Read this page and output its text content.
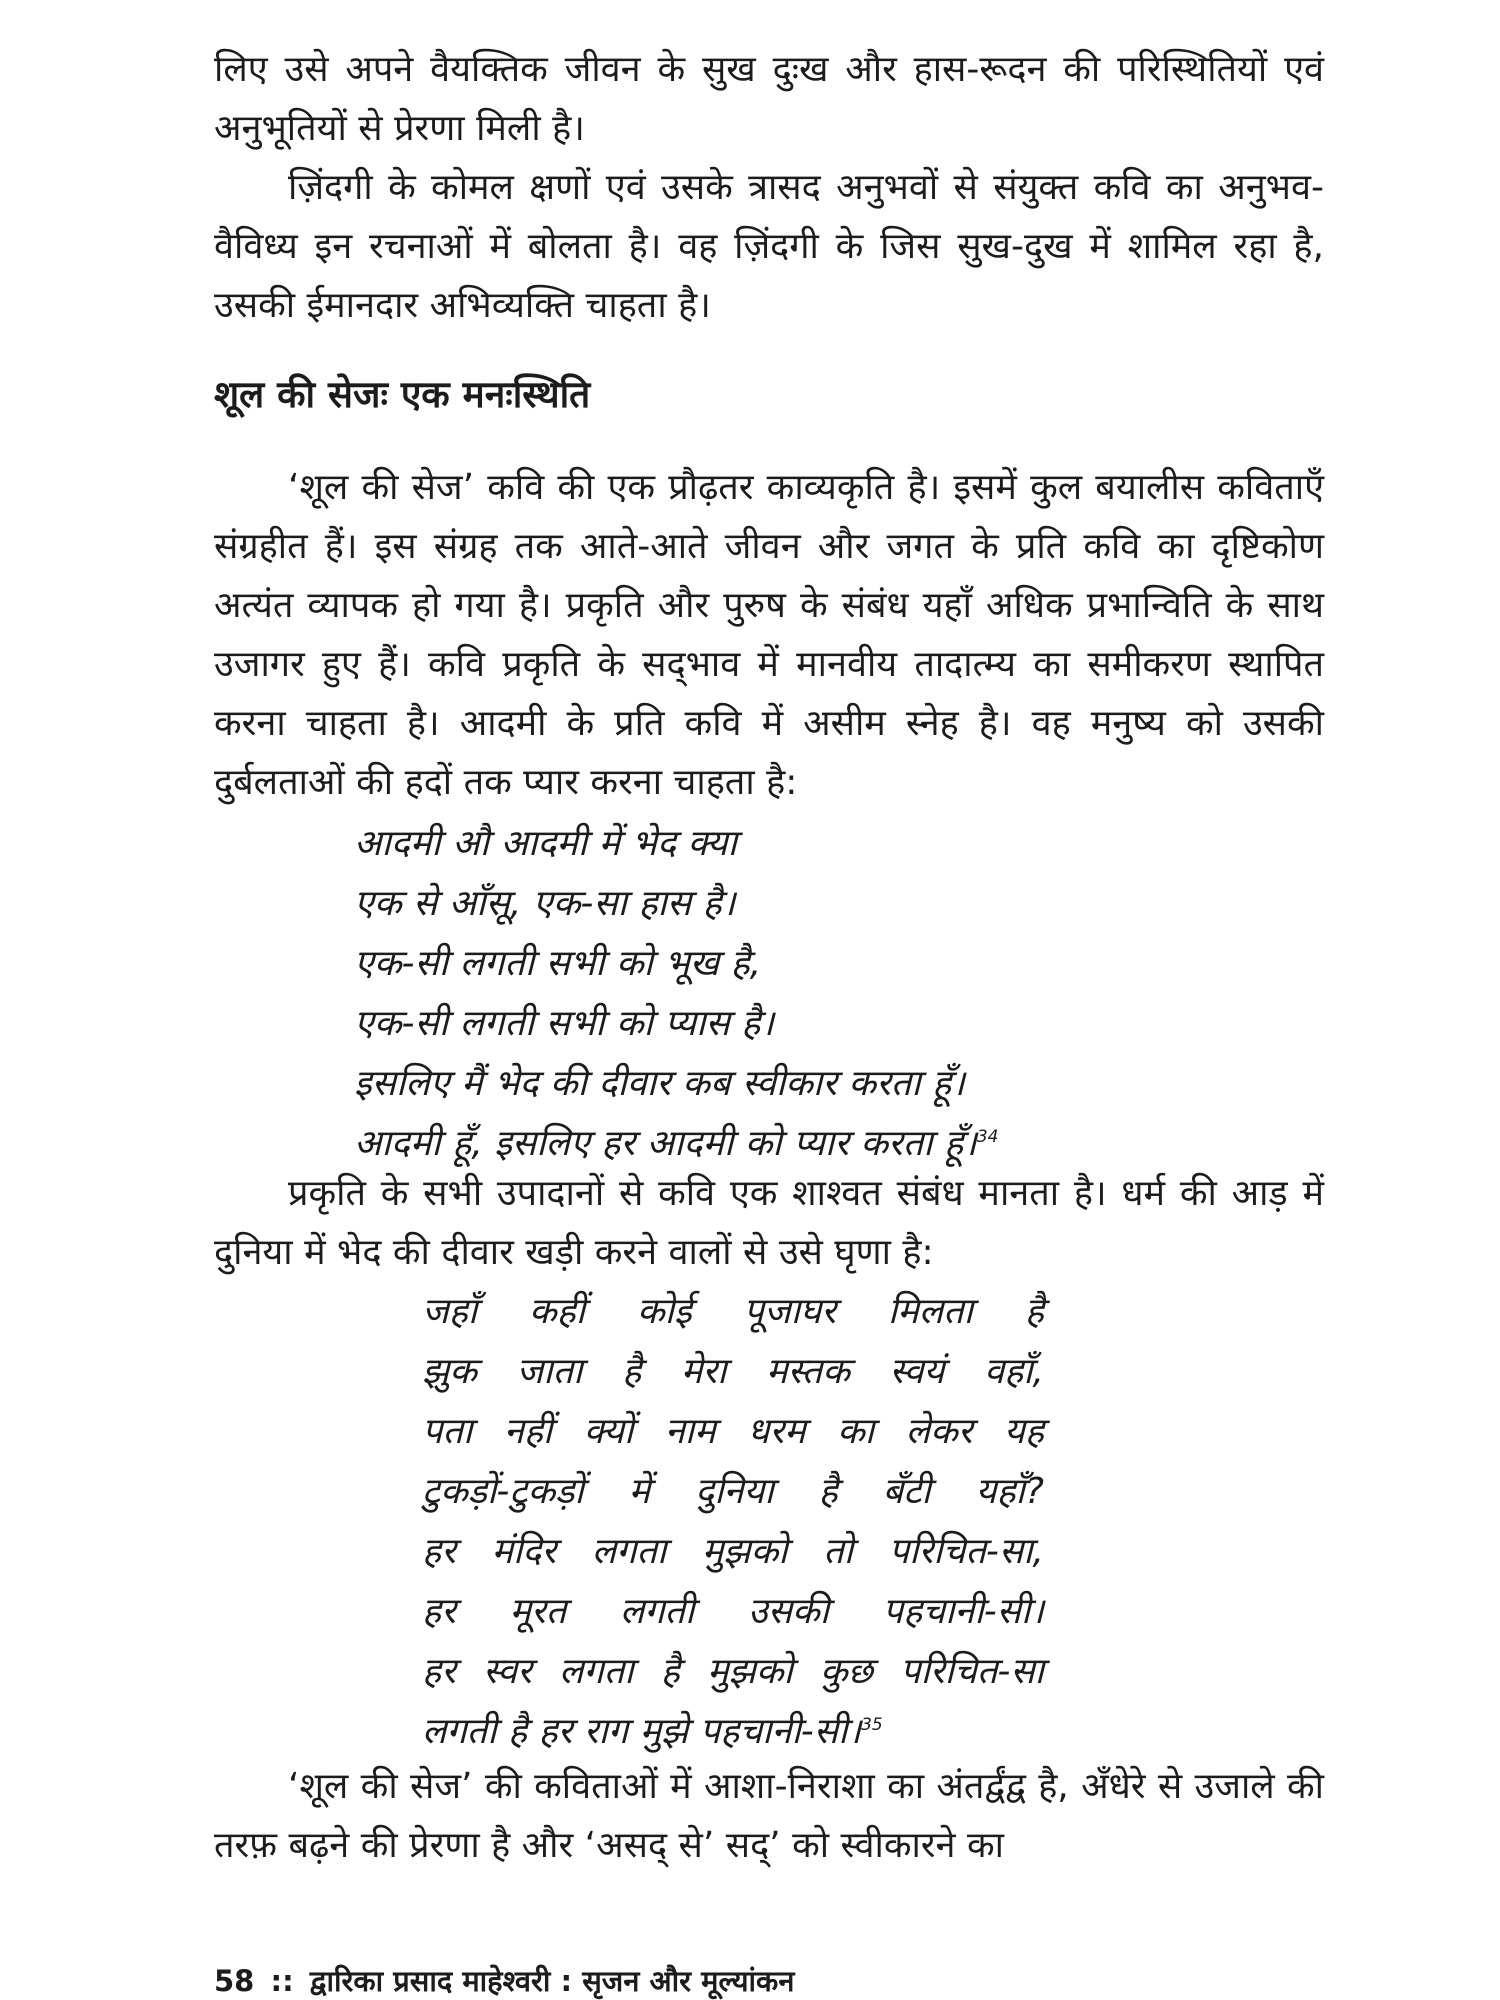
लिए उसे अपने वैयक्तिक जीवन के सुख दुःख और हास-रूदन की परिस्थितियों एवं अनुभूतियों से प्रेरणा मिली है।

ज़िंदगी के कोमल क्षणों एवं उसके त्रासद अनुभवों से संयुक्त कवि का अनुभव-वैविध्य इन रचनाओं में बोलता है। वह ज़िंदगी के जिस सुख-दुख में शामिल रहा है, उसकी ईमानदार अभिव्यक्ति चाहता है।

शूल की सेजः एक मनःस्थिति

‘शूल की सेज’ कवि की एक प्रौढ़तर काव्यकृति है। इसमें कुल बयालीस कविताएँ संग्रहीत हैं। इस संग्रह तक आते-आते जीवन और जगत के प्रति कवि का दृष्टिकोण अत्यंत व्यापक हो गया है। प्रकृति और पुरुष के संबंध यहाँ अधिक प्रभान्विति के साथ उजागर हुए हैं। कवि प्रकृति के सद्‌भाव में मानवीय तादात्म्य का समीकरण स्थापित करना चाहता है। आदमी के प्रति कवि में असीम स्नेह है। वह मनुष्य को उसकी दुर्बलताओं की हदों तक प्यार करना चाहता है:

आदमी औ आदमी में भेद क्या
एक से आँसू, एक-सा हास है।
एक-सी लगती सभी को भूख है,
एक-सी लगती सभी को प्यास है।
इसलिए मैं भेद की दीवार कब स्वीकार करता हूँ।
आदमी हूँ, इसलिए हर आदमी को प्यार करता हूँ।$^{34}$

प्रकृति के सभी उपादानों से कवि एक शाश्वत संबंध मानता है। धर्म की आड़ में दुनिया में भेद की दीवार खड़ी करने वालों से उसे घृणा है:

जहाँ कहीं कोई पूजाघर मिलता है
झुक जाता है मेरा मस्तक स्वयं वहाँ,
पता नहीं क्यों नाम धरम का लेकर यह
टुकड़ों-टुकड़ों में दुनिया है बँटी यहाँ?
हर मंदिर लगता मुझको तो परिचित-सा,
हर मूरत लगती उसकी पहचानी-सी।
हर स्वर लगता है मुझको कुछ परिचित-सा
लगती है हर राग मुझे पहचानी-सी।$^{35}$

‘शूल की सेज’ की कविताओं में आशा-निराशा का अंतर्द्वंद्व है, अँधेरे से उजाले की तरफ़ बढ़ने की प्रेरणा है और ‘असद् से’ सद्’ को स्वीकारने का

58 :: द्वारिका प्रसाद माहेश्वरी : सृजन और मूल्यांकन
